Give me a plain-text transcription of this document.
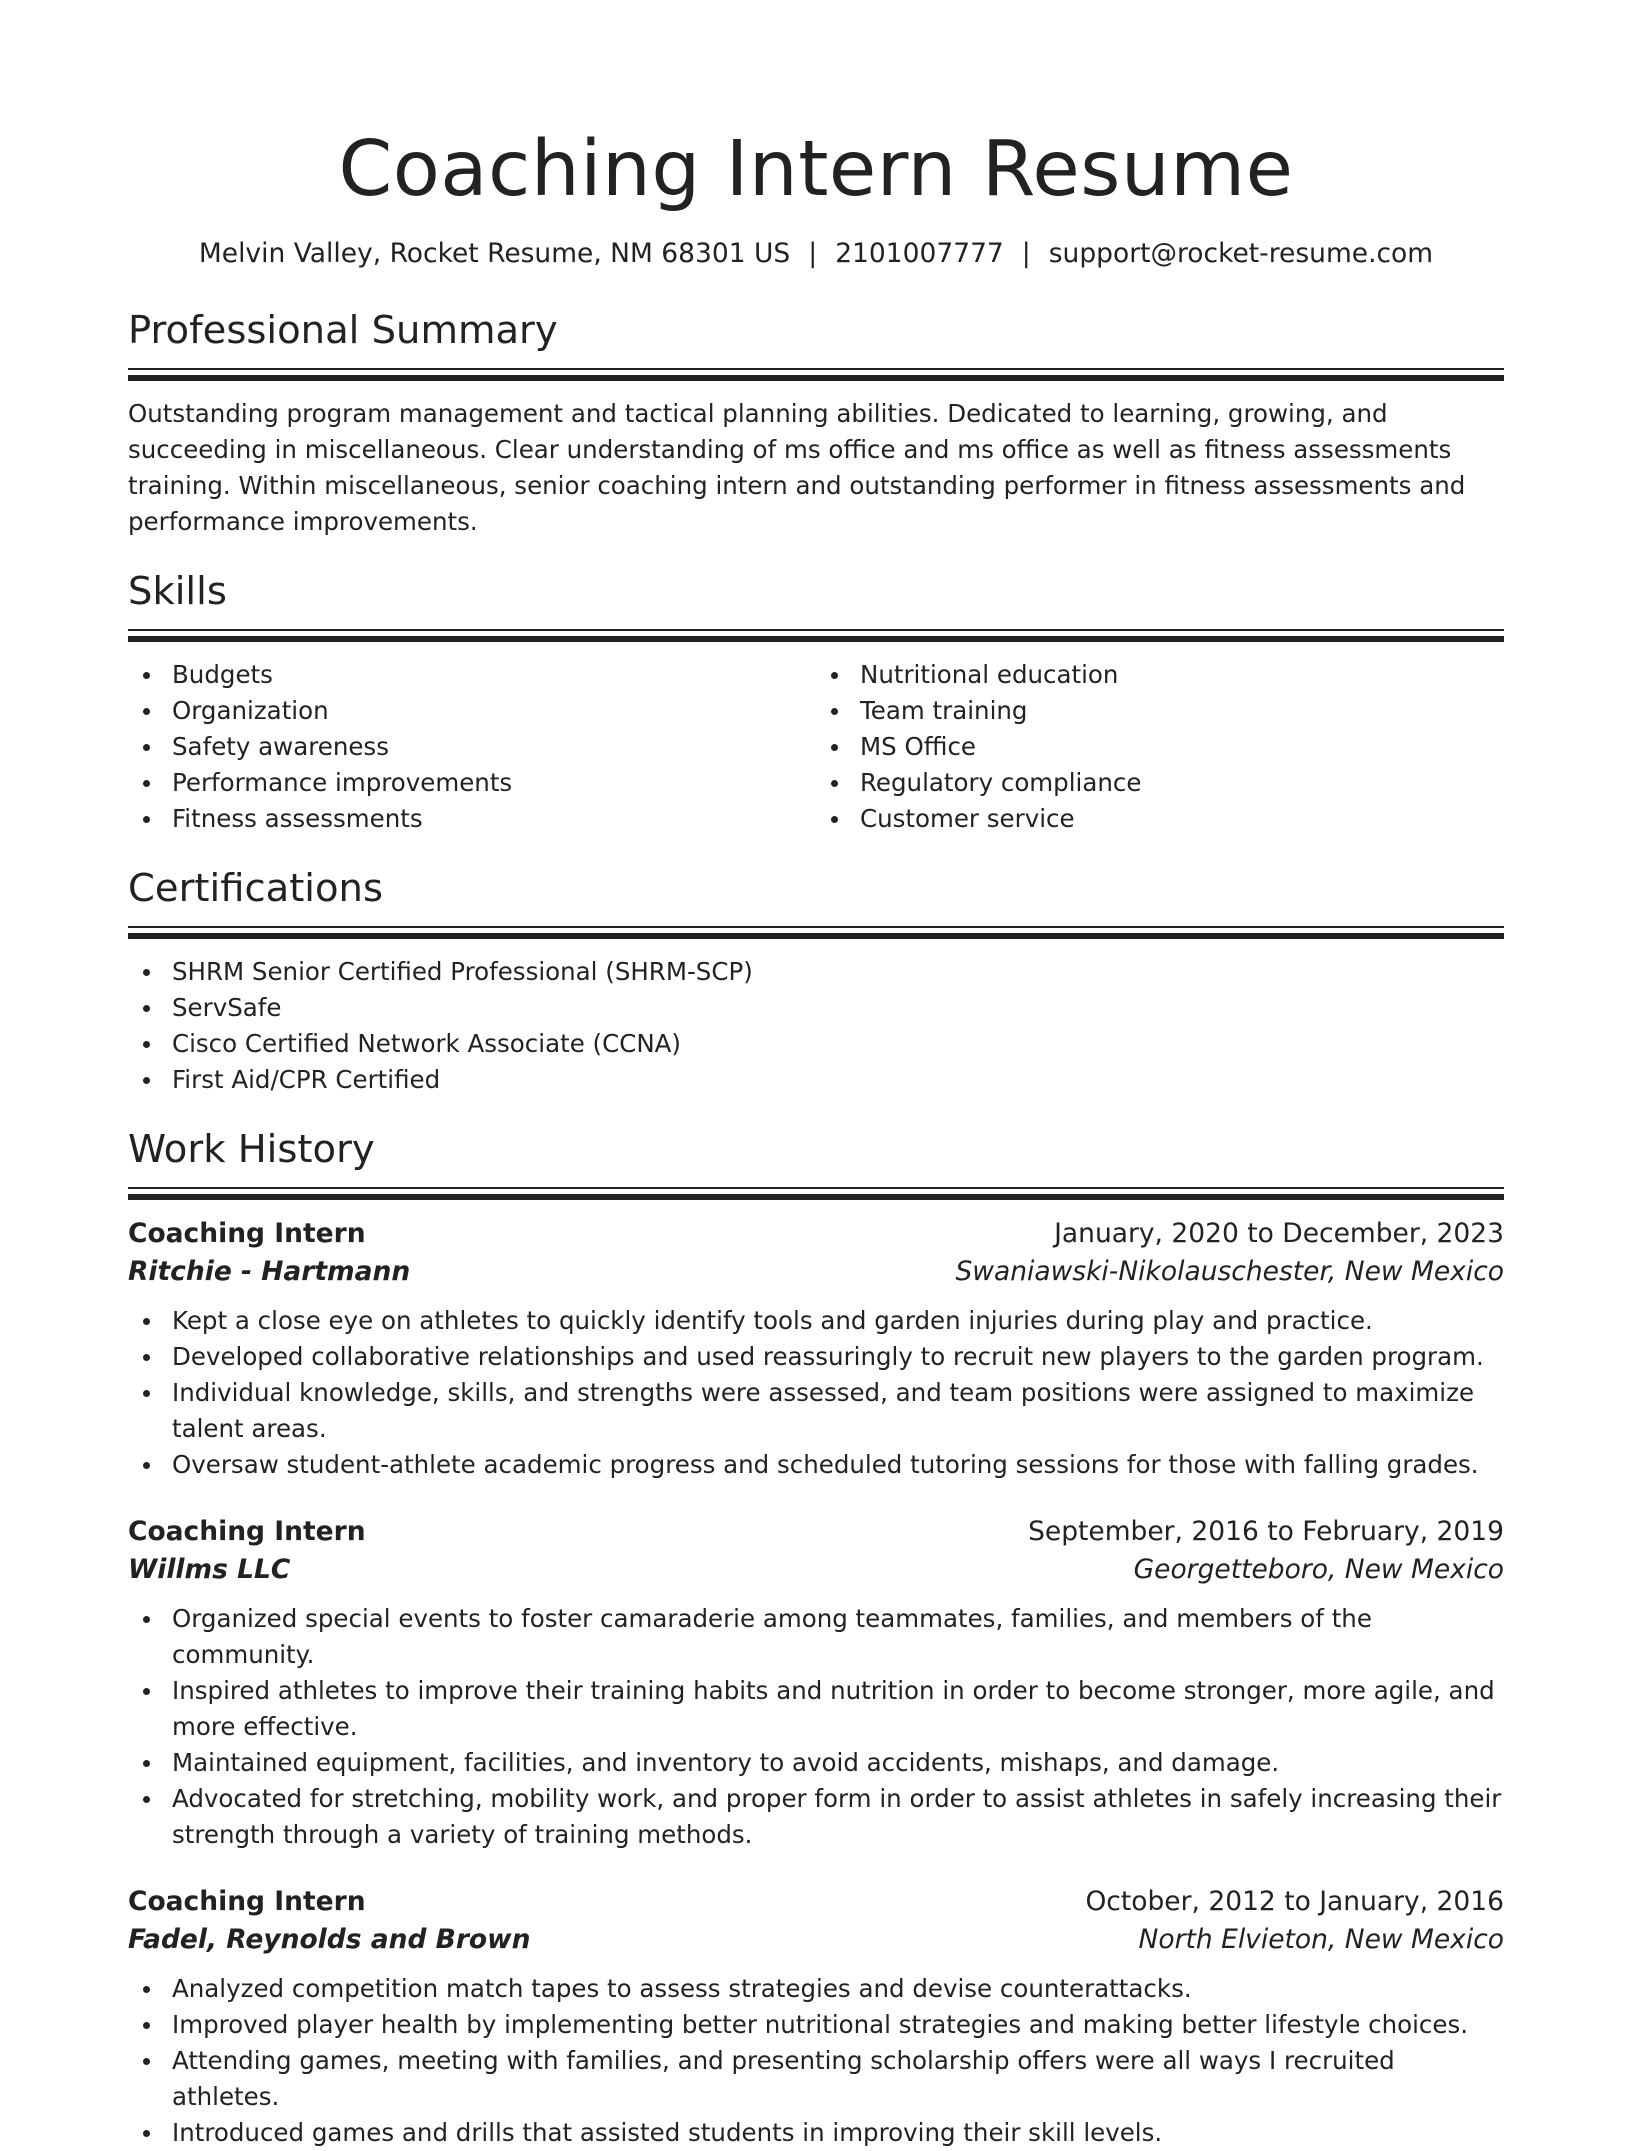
Coaching Intern Resume
Melvin Valley, Rocket Resume, NM 68301 US | 2101007777 | support@rocket-resume.com
Professional Summary

Outstanding program management and tactical planning abilities. Dedicated to learning, growing, and succeeding in miscellaneous. Clear understanding of ms office and ms office as well as fitness assessments training. Within miscellaneous, senior coaching intern and outstanding performer in fitness assessments and performance improvements.

Skills
Budgets
Organization
Safety awareness
Performance improvements
Fitness assessments
Nutritional education
Team training
MS Office
Regulatory compliance
Customer service
Certifications
SHRM Senior Certified Professional (SHRM-SCP)
ServSafe
Cisco Certified Network Associate (CCNA)
First Aid/CPR Certified
Work History
Coaching Intern	January, 2020 to December, 2023
Ritchie - Hartmann	Swaniawski-Nikolauschester, New Mexico
Kept a close eye on athletes to quickly identify tools and garden injuries during play and practice.
Developed collaborative relationships and used reassuringly to recruit new players to the garden program.
Individual knowledge, skills, and strengths were assessed, and team positions were assigned to maximize talent areas.
Oversaw student-athlete academic progress and scheduled tutoring sessions for those with falling grades.
Coaching Intern	September, 2016 to February, 2019
Willms LLC	Georgetteboro, New Mexico
Organized special events to foster camaraderie among teammates, families, and members of the community.
Inspired athletes to improve their training habits and nutrition in order to become stronger, more agile, and more effective.
Maintained equipment, facilities, and inventory to avoid accidents, mishaps, and damage.
Advocated for stretching, mobility work, and proper form in order to assist athletes in safely increasing their strength through a variety of training methods.
Coaching Intern	October, 2012 to January, 2016
Fadel, Reynolds and Brown	North Elvieton, New Mexico
Analyzed competition match tapes to assess strategies and devise counterattacks.
Improved player health by implementing better nutritional strategies and making better lifestyle choices.
Attending games, meeting with families, and presenting scholarship offers were all ways I recruited athletes.
Introduced games and drills that assisted students in improving their skill levels.
